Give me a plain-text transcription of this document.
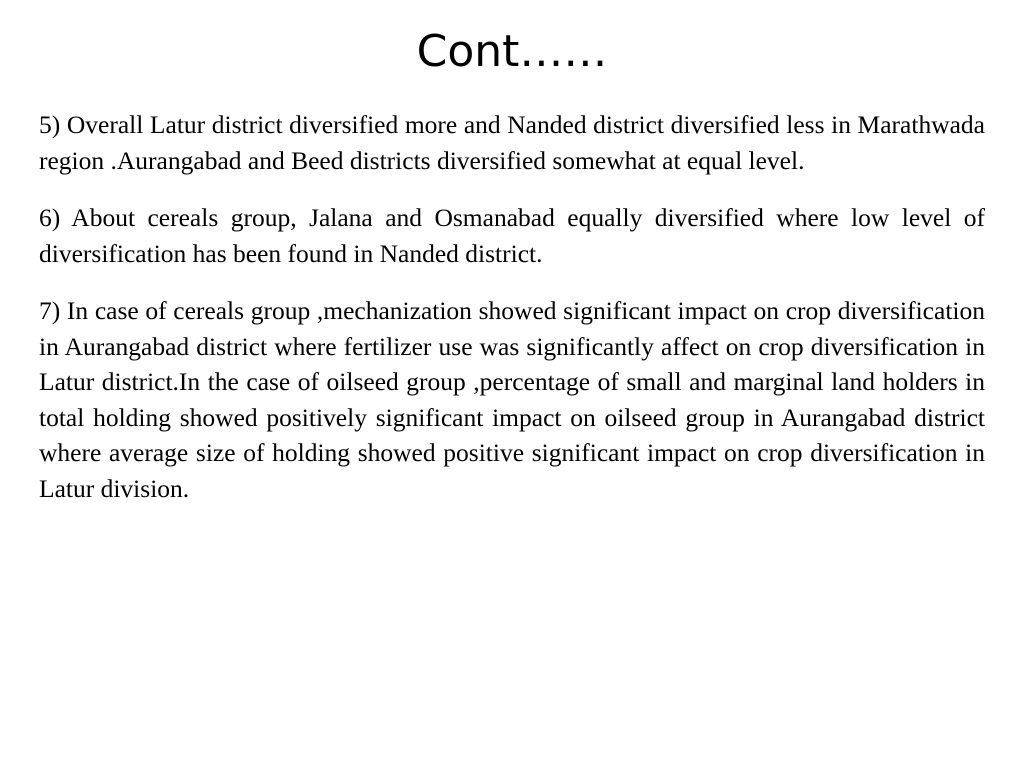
Cont……

5) Overall Latur district diversified more and Nanded district diversified less in Marathwada region .Aurangabad and Beed districts diversified somewhat at equal level.

6) About cereals group, Jalana and Osmanabad equally diversified where low level of diversification has been found in Nanded district.

7) In case of cereals group ,mechanization showed significant impact on crop diversification in Aurangabad district where fertilizer use was significantly affect on crop diversification in Latur district.In the case of oilseed group ,percentage of small and marginal land holders in total holding showed positively significant impact on oilseed group in Aurangabad district where average size of holding showed positive significant impact on crop diversification in Latur division.
